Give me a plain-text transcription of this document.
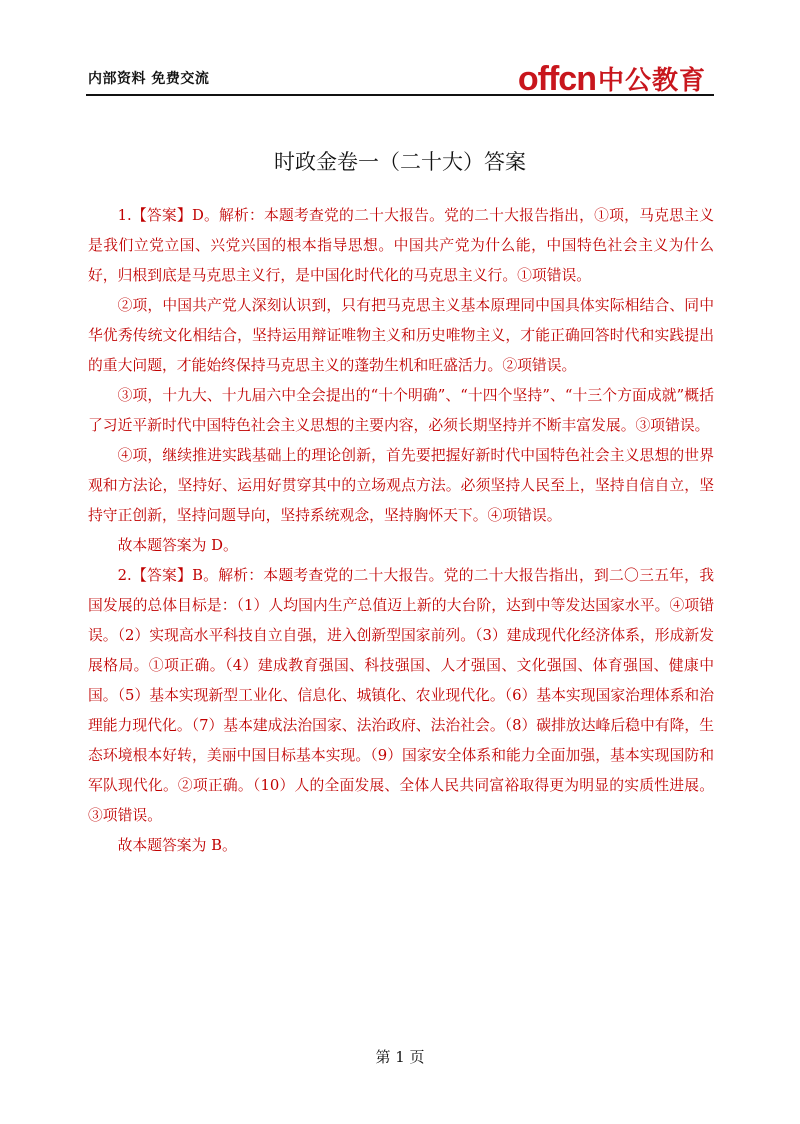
内部资料 免费交流	offcn 中公教育
时政金卷一（二十大）答案

1.【答案】D。解析：本题考查党的二十大报告。党的二十大报告指出，①项，马克思主义是我们立党立国、兴党兴国的根本指导思想。中国共产党为什么能，中国特色社会主义为什么好，归根到底是马克思主义行，是中国化时代化的马克思主义行。①项错误。

②项，中国共产党人深刻认识到，只有把马克思主义基本原理同中国具体实际相结合、同中华优秀传统文化相结合，坚持运用辩证唯物主义和历史唯物主义，才能正确回答时代和实践提出的重大问题，才能始终保持马克思主义的蓬勃生机和旺盛活力。②项错误。

③项，十九大、十九届六中全会提出的“十个明确”、“十四个坚持”、“十三个方面成就”概括了习近平新时代中国特色社会主义思想的主要内容，必须长期坚持并不断丰富发展。③项错误。

④项，继续推进实践基础上的理论创新，首先要把握好新时代中国特色社会主义思想的世界观和方法论，坚持好、运用好贯穿其中的立场观点方法。必须坚持人民至上，坚持自信自立，坚持守正创新，坚持问题导向，坚持系统观念，坚持胸怀天下。④项错误。

故本题答案为 D。

2.【答案】B。解析：本题考查党的二十大报告。党的二十大报告指出，到二〇三五年，我国发展的总体目标是：（1）人均国内生产总值迈上新的大台阶，达到中等发达国家水平。④项错误。（2）实现高水平科技自立自强，进入创新型国家前列。（3）建成现代化经济体系，形成新发展格局。①项正确。（4）建成教育强国、科技强国、人才强国、文化强国、体育强国、健康中国。（5）基本实现新型工业化、信息化、城镇化、农业现代化。（6）基本实现国家治理体系和治理能力现代化。（7）基本建成法治国家、法治政府、法治社会。（8）碳排放达峰后稳中有降，生态环境根本好转，美丽中国目标基本实现。（9）国家安全体系和能力全面加强，基本实现国防和军队现代化。②项正确。（10）人的全面发展、全体人民共同富裕取得更为明显的实质性进展。③项错误。

故本题答案为 B。

第 1 页
